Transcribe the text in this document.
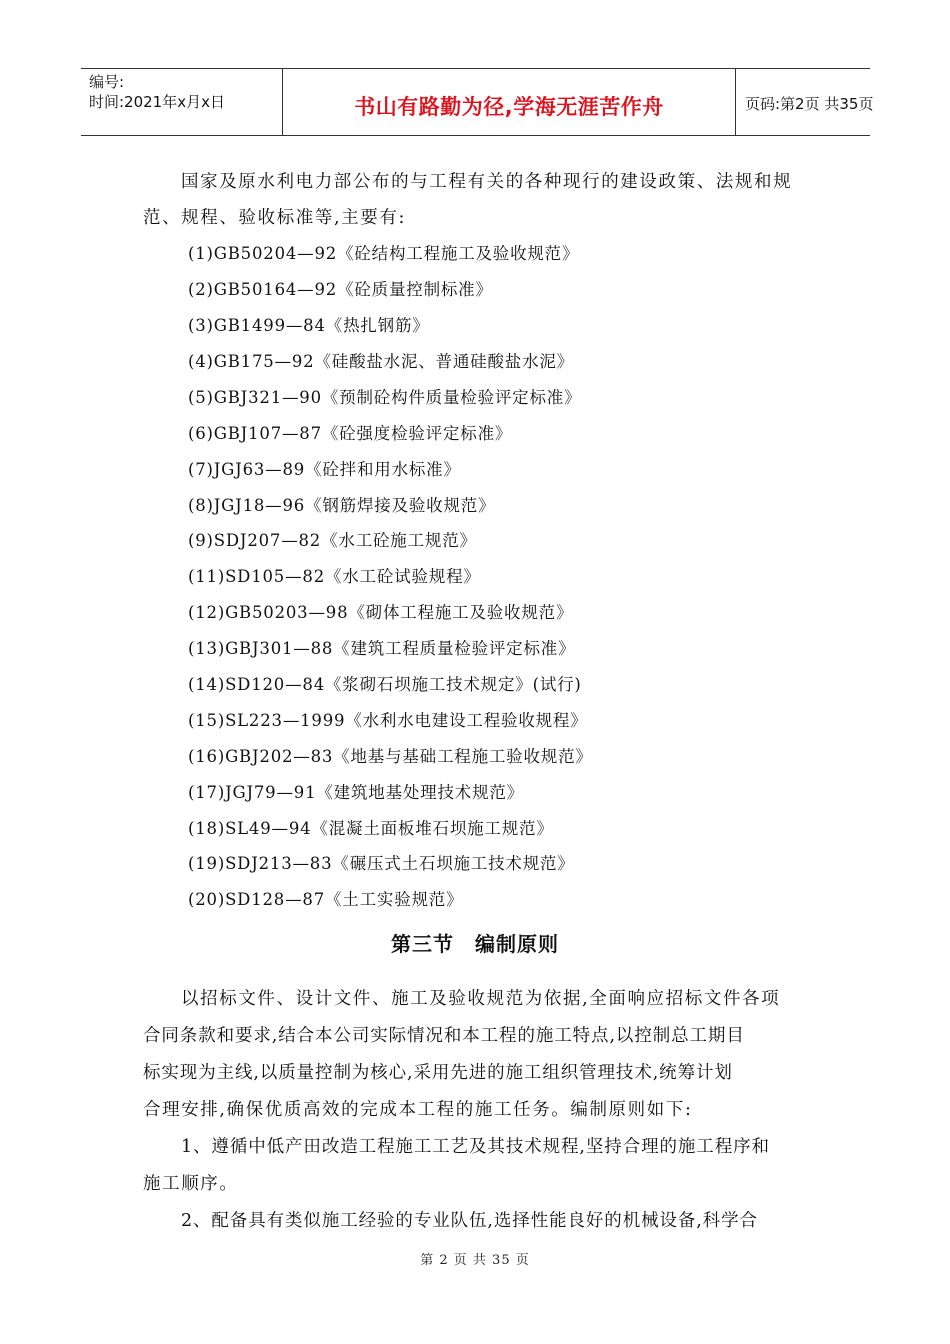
编号:
时间:2021年x月x日	书山有路勤为径,学海无涯苦作舟	页码:第2页 共35页
国家及原水利电力部公布的与工程有关的各种现行的建设政策、法规和规
范、规程、验收标准等,主要有:
(1)GB50204—92《砼结构工程施工及验收规范》
(2)GB50164—92《砼质量控制标准》
(3)GB1499—84《热扎钢筋》
(4)GB175—92《硅酸盐水泥、普通硅酸盐水泥》
(5)GBJ321—90《预制砼构件质量检验评定标准》
(6)GBJ107—87《砼强度检验评定标准》
(7)JGJ63—89《砼拌和用水标准》
(8)JGJ18—96《钢筋焊接及验收规范》
(9)SDJ207—82《水工砼施工规范》
(11)SD105—82《水工砼试验规程》
(12)GB50203—98《砌体工程施工及验收规范》
(13)GBJ301—88《建筑工程质量检验评定标准》
(14)SD120—84《浆砌石坝施工技术规定》(试行)
(15)SL223—1999《水利水电建设工程验收规程》
(16)GBJ202—83《地基与基础工程施工验收规范》
(17)JGJ79—91《建筑地基处理技术规范》
(18)SL49—94《混凝土面板堆石坝施工规范》
(19)SDJ213—83《碾压式土石坝施工技术规范》
(20)SD128—87《土工实验规范》
第三节　编制原则
以招标文件、设计文件、施工及验收规范为依据,全面响应招标文件各项
合同条款和要求,结合本公司实际情况和本工程的施工特点,以控制总工期目
标实现为主线,以质量控制为核心,采用先进的施工组织管理技术,统筹计划
合理安排,确保优质高效的完成本工程的施工任务。编制原则如下:
1、遵循中低产田改造工程施工工艺及其技术规程,坚持合理的施工程序和
施工顺序。
2、配备具有类似施工经验的专业队伍,选择性能良好的机械设备,科学合
第 2 页 共 35 页
